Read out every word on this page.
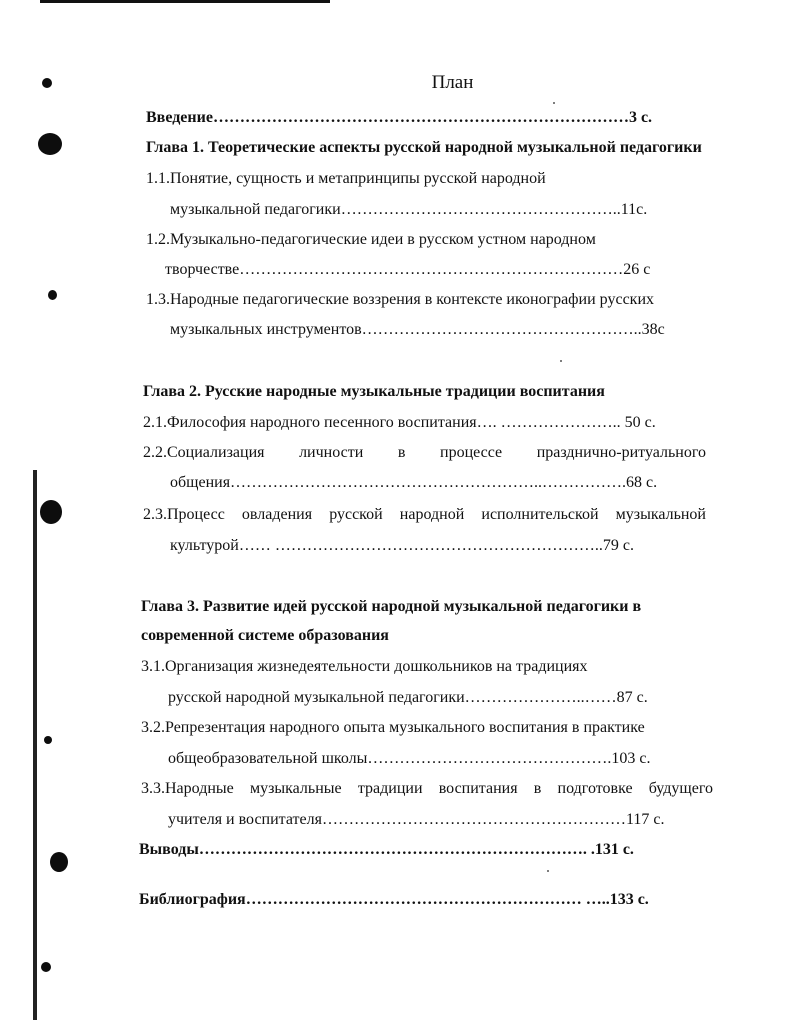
План
Введение……………………………………………………………………3 с.
Глава 1. Теоретические аспекты русской народной музыкальной педагогики
1.1.Понятие, сущность и метапринципы русской народной
музыкальной педагогики……………………………………………..11с.
1.2.Музыкально-педагогические идеи в русском устном народном
творчестве………………………………………………………………26 с
1.3.Народные педагогические воззрения в контексте иконографии русских
музыкальных инструментов……………………………………………..38с
Глава 2. Русские народные музыкальные традиции воспитания
2.1.Философия народного песенного воспитания…. ………………….. 50 с.
2.2.Социализация личности в процессе празднично-ритуального
общения…………………………………………………..…………….68 с.
2.3.Процесс овладения русской народной исполнительской музыкальной
культурой…… ……………………………………………………..79 с.
Глава 3. Развитие идей русской народной музыкальной педагогики в
современной системе образования
3.1.Организация жизнедеятельности дошкольников на традициях
русской народной музыкальной педагогики…………………..……87 с.
3.2.Репрезентация народного опыта музыкального воспитания в практике
общеобразовательной школы……………………………………….103 с.
3.3.Народные музыкальные традиции воспитания в подготовке будущего
учителя и воспитателя…………………………………………………117 с.
Выводы………………………………………………………………. .131 с.
Библиография……………………………………………………… …..133 с.
